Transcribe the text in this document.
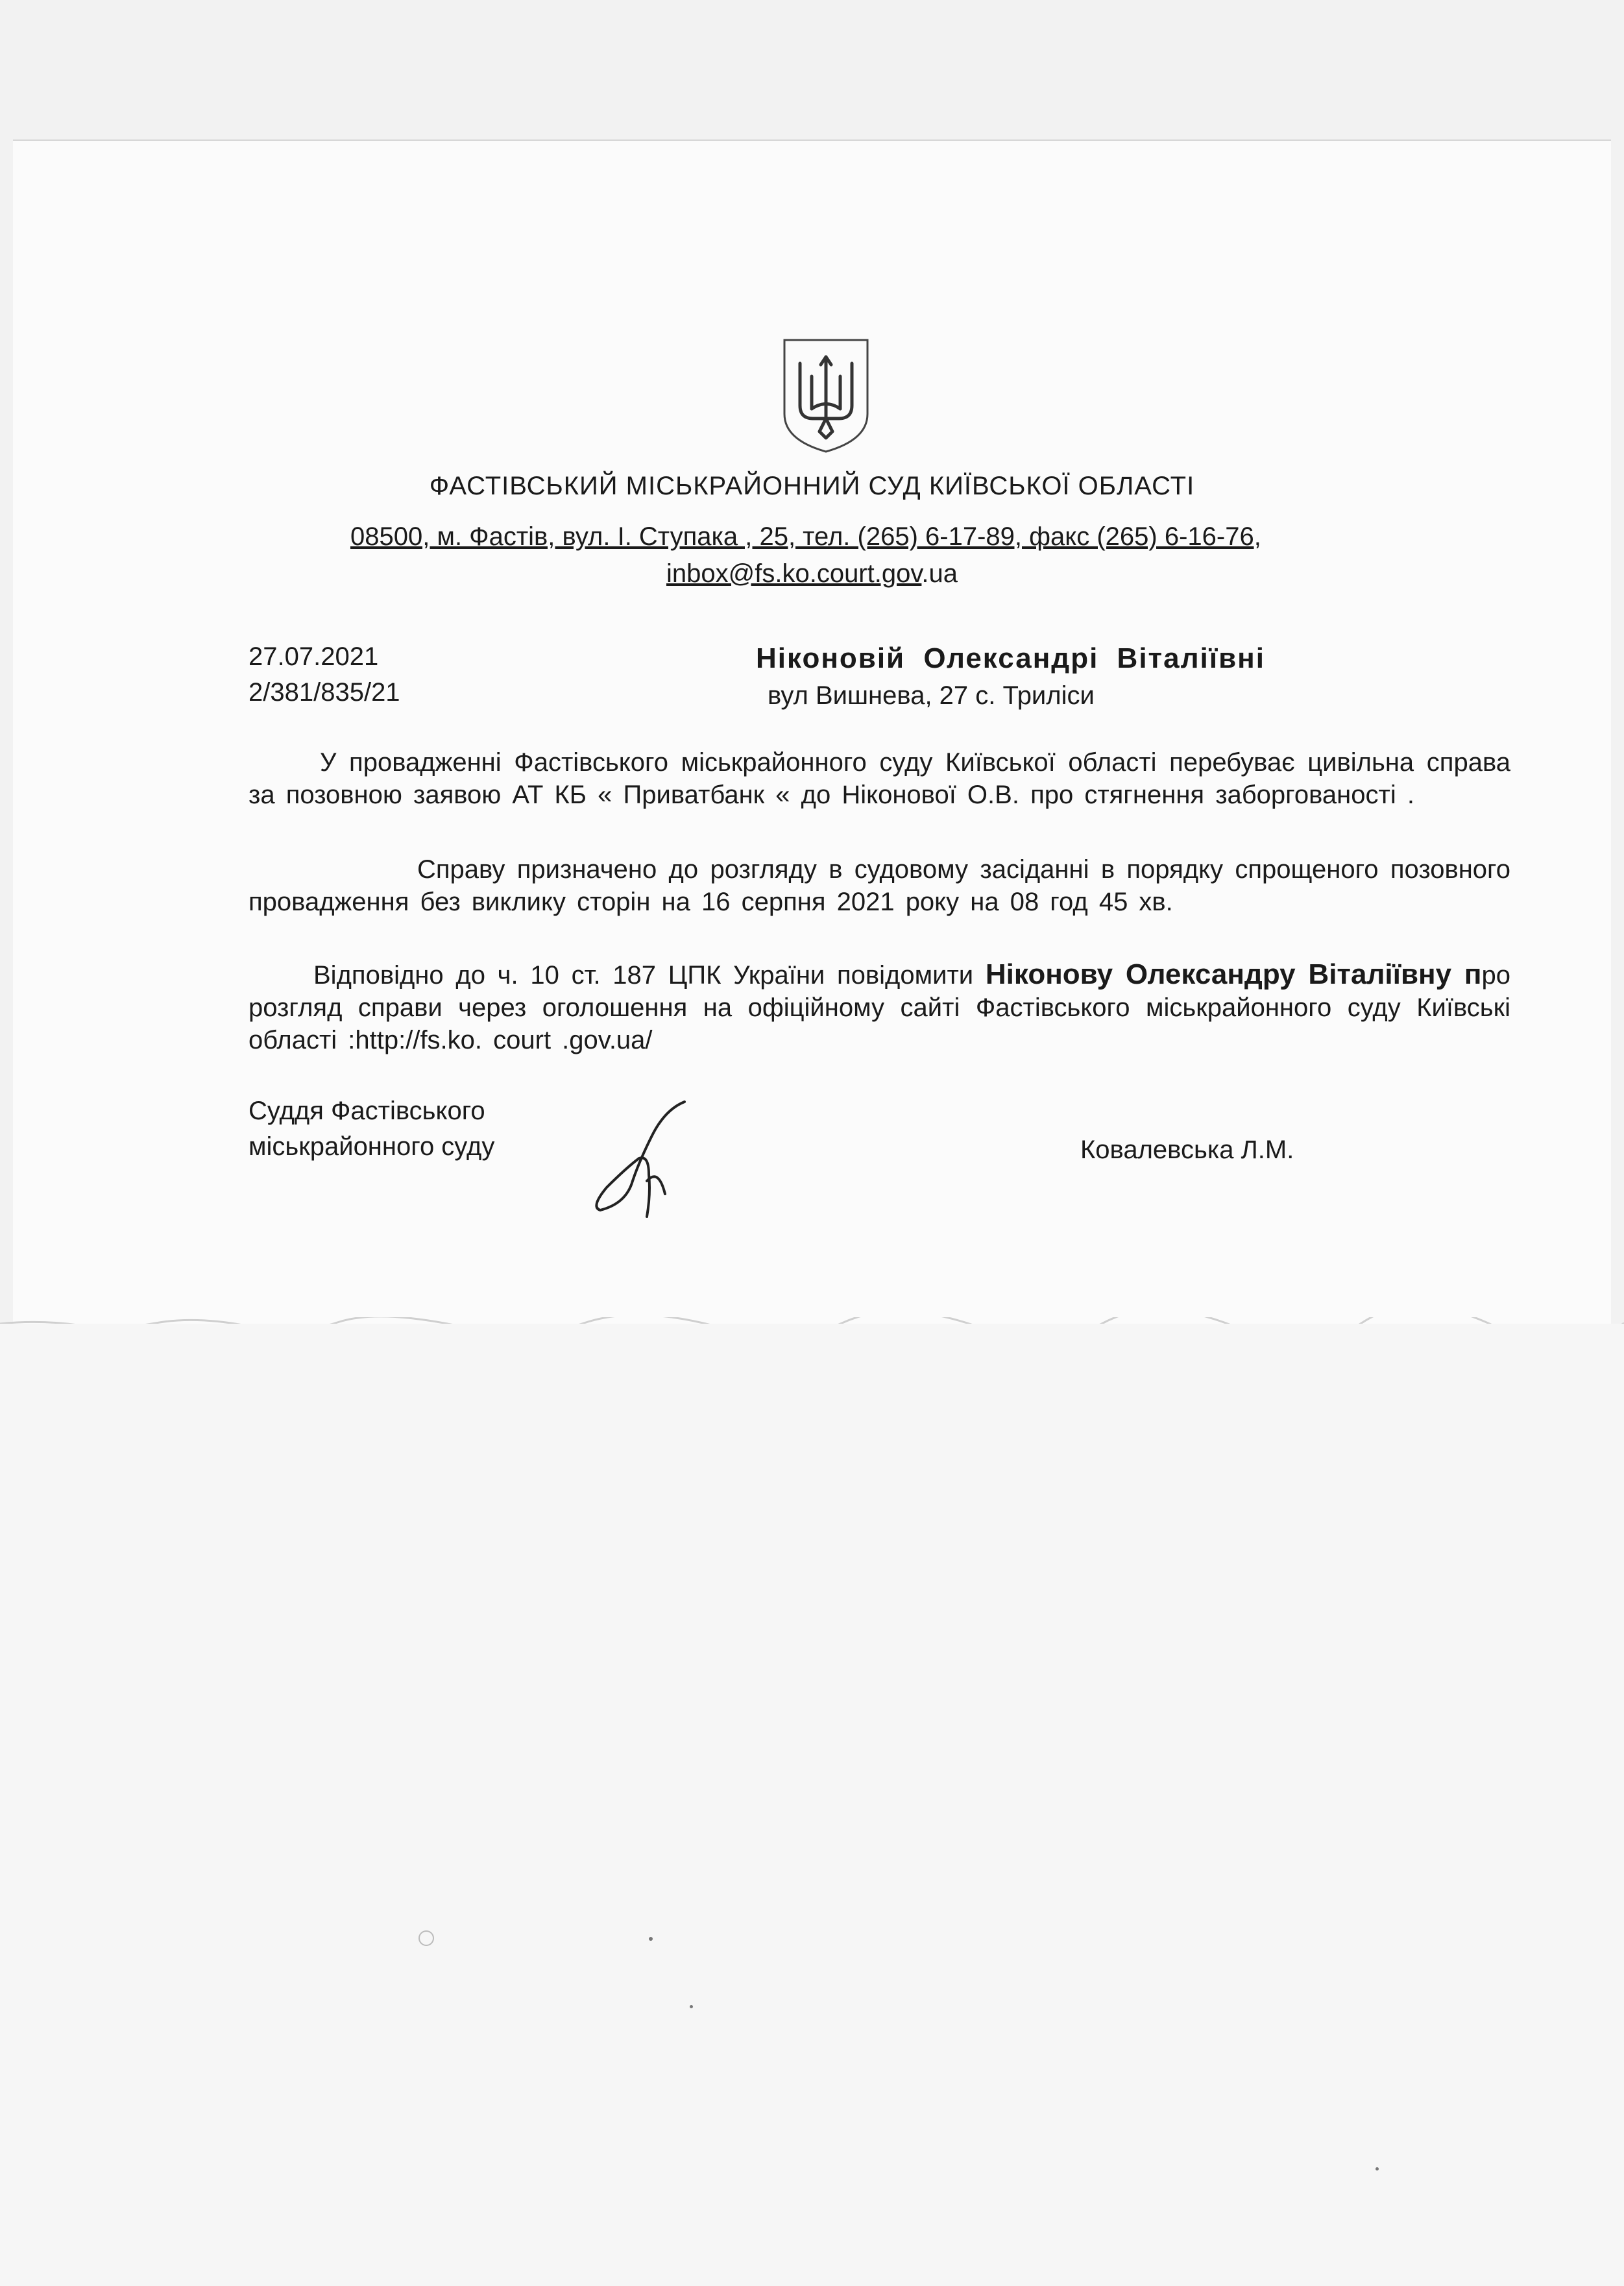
ФАСТІВСЬКИЙ МІСЬКРАЙОННИЙ СУД КИЇВСЬКОЇ ОБЛАСТІ
08500, м. Фастів, вул. І. Ступака , 25, тел. (265) 6-17-89, факс (265) 6-16-76,
inbox@fs.ko.court.gov.ua
27.07.2021
2/381/835/21
Ніконовій Олександрі Віталіївні
вул Вишнева, 27 с. Триліси
У провадженні Фастівського міськрайонного суду Київської області перебуває цивільна справа за позовною заявою АТ КБ « Приватбанк « до Ніконової О.В. про стягнення заборгованості .
Справу призначено до розгляду в судовому засіданні в порядку спрощеного позовного провадження без виклику сторін на 16 серпня 2021 року на 08 год 45 хв.
Відповідно до ч. 10 ст. 187 ЦПК України повідомити Ніконову Олександру Віталіївну про розгляд справи через оголошення на офіційному сайті Фастівського міськрайонного суду Київські області :http://fs.ko. court .gov.ua/
Суддя Фастівського
міськрайонного суду	Ковалевська Л.М.
